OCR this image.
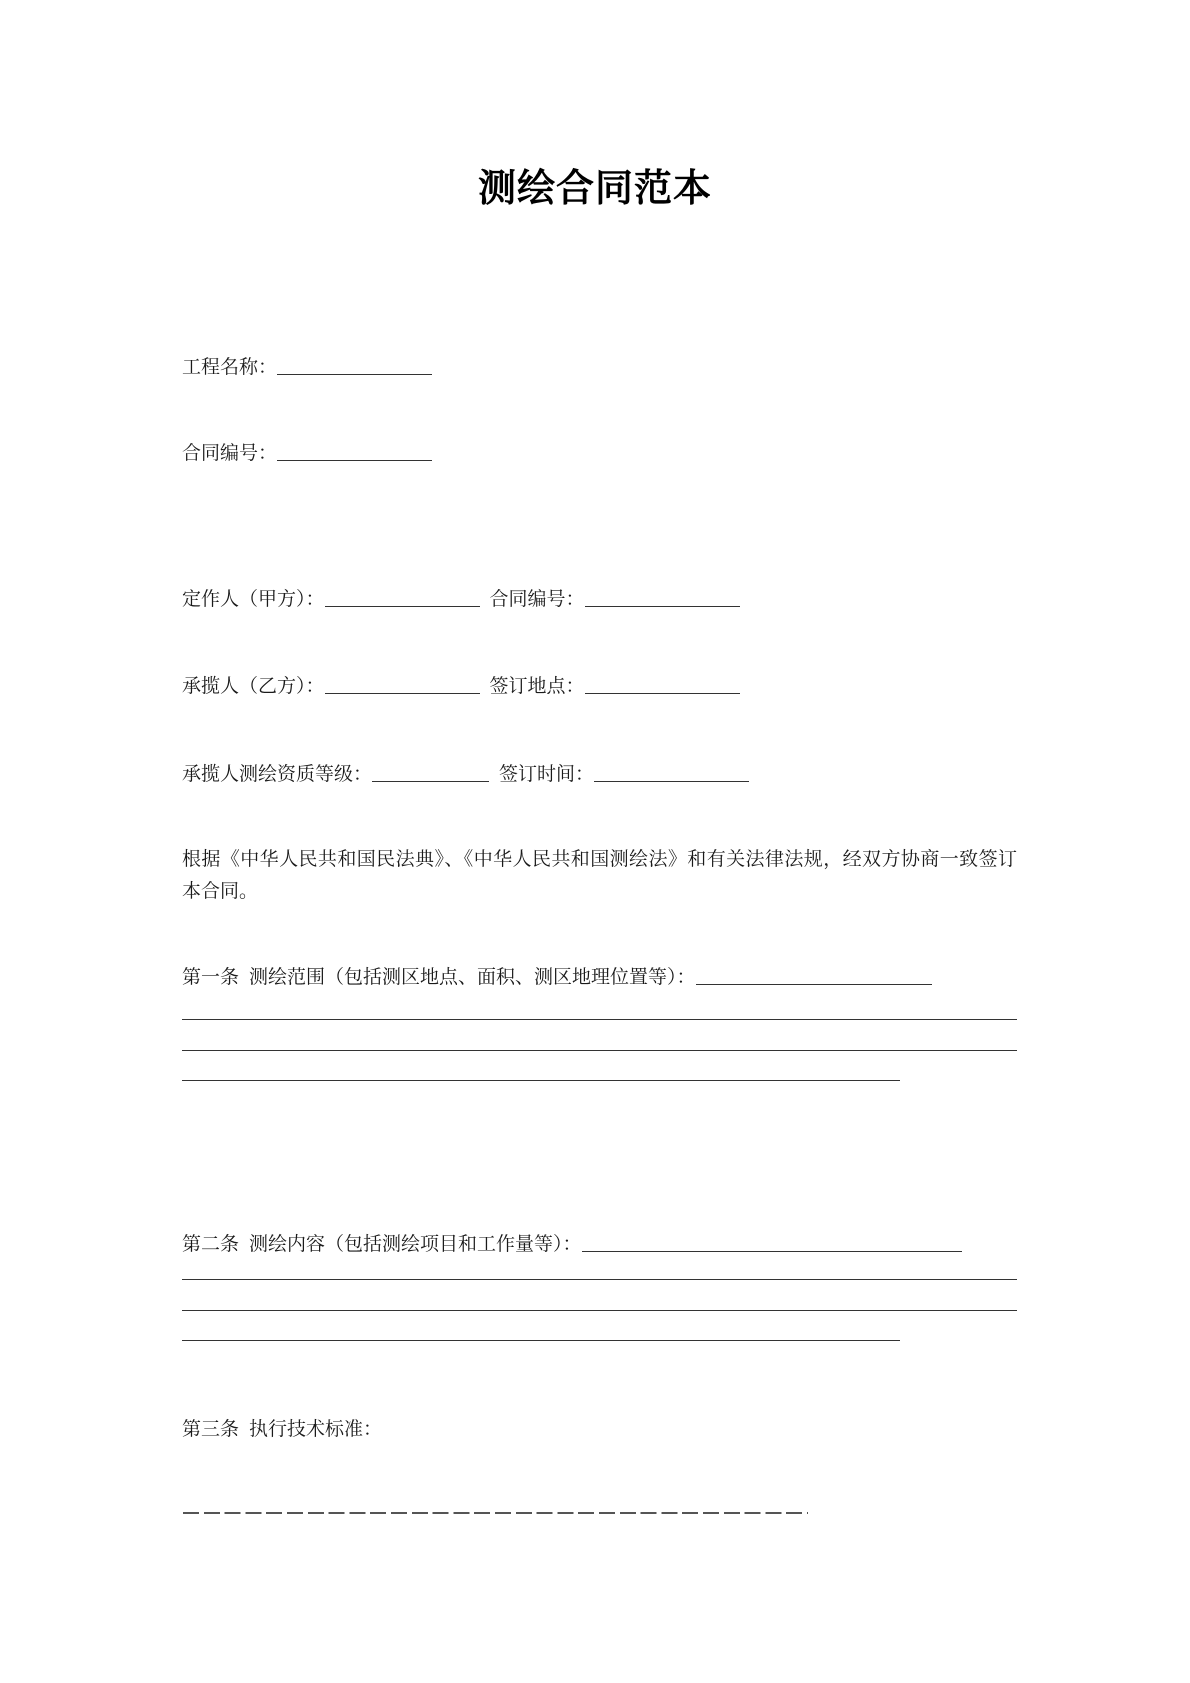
测绘合同范本
工程名称：
合同编号：
定作人（甲方）：	合同编号：
承揽人（乙方）：	签订地点：
承揽人测绘资质等级：	签订时间：
根据《中华人民共和国民法典》、《中华人民共和国测绘法》和有关法律法规，经双方协商一致签订本合同。
第一条 测绘范围（包括测区地点、面积、测区地理位置等）：
第二条 测绘内容（包括测绘项目和工作量等）：
第三条 执行技术标准：
